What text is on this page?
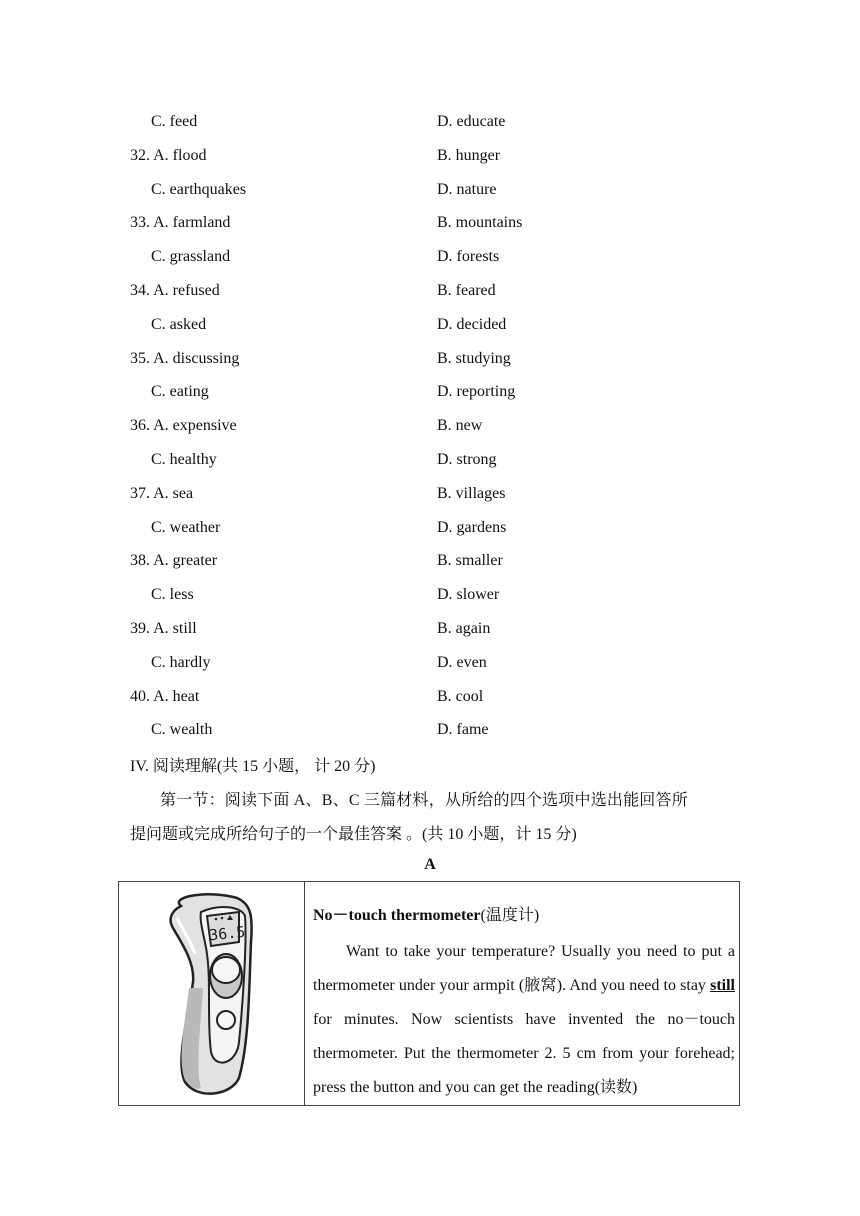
C. feed	D. educate
32. A. flood	B. hunger
C. earthquakes	D. nature
33. A. farmland	B. mountains
C. grassland	D. forests
34. A. refused	B. feared
C. asked	D. decided
35. A. discussing	B. studying
C. eating	D. reporting
36. A. expensive	B. new
C. healthy	D. strong
37. A. sea	B. villages
C. weather	D. gardens
38. A. greater	B. smaller
C. less	D. slower
39. A. still	B. again
C. hardly	D. even
40. A. heat	B. cool
C. wealth	D. fame
IV. 阅读理解(共 15 小题， 计 20 分)
第一节：阅读下面 A、B、C 三篇材料，从所给的四个选项中选出能回答所
提问题或完成所给句子的一个最佳答案 。(共 10 小题，计 15 分)
A
36.5
No－touch thermometer(温度计)
Want to take your temperature? Usually you need to put a thermometer under your armpit (腋窝). And you need to stay still for minutes. Now scientists have invented the no－touch thermometer. Put the thermometer 2. 5 cm from your forehead; press the button and you can get the reading(读数)
